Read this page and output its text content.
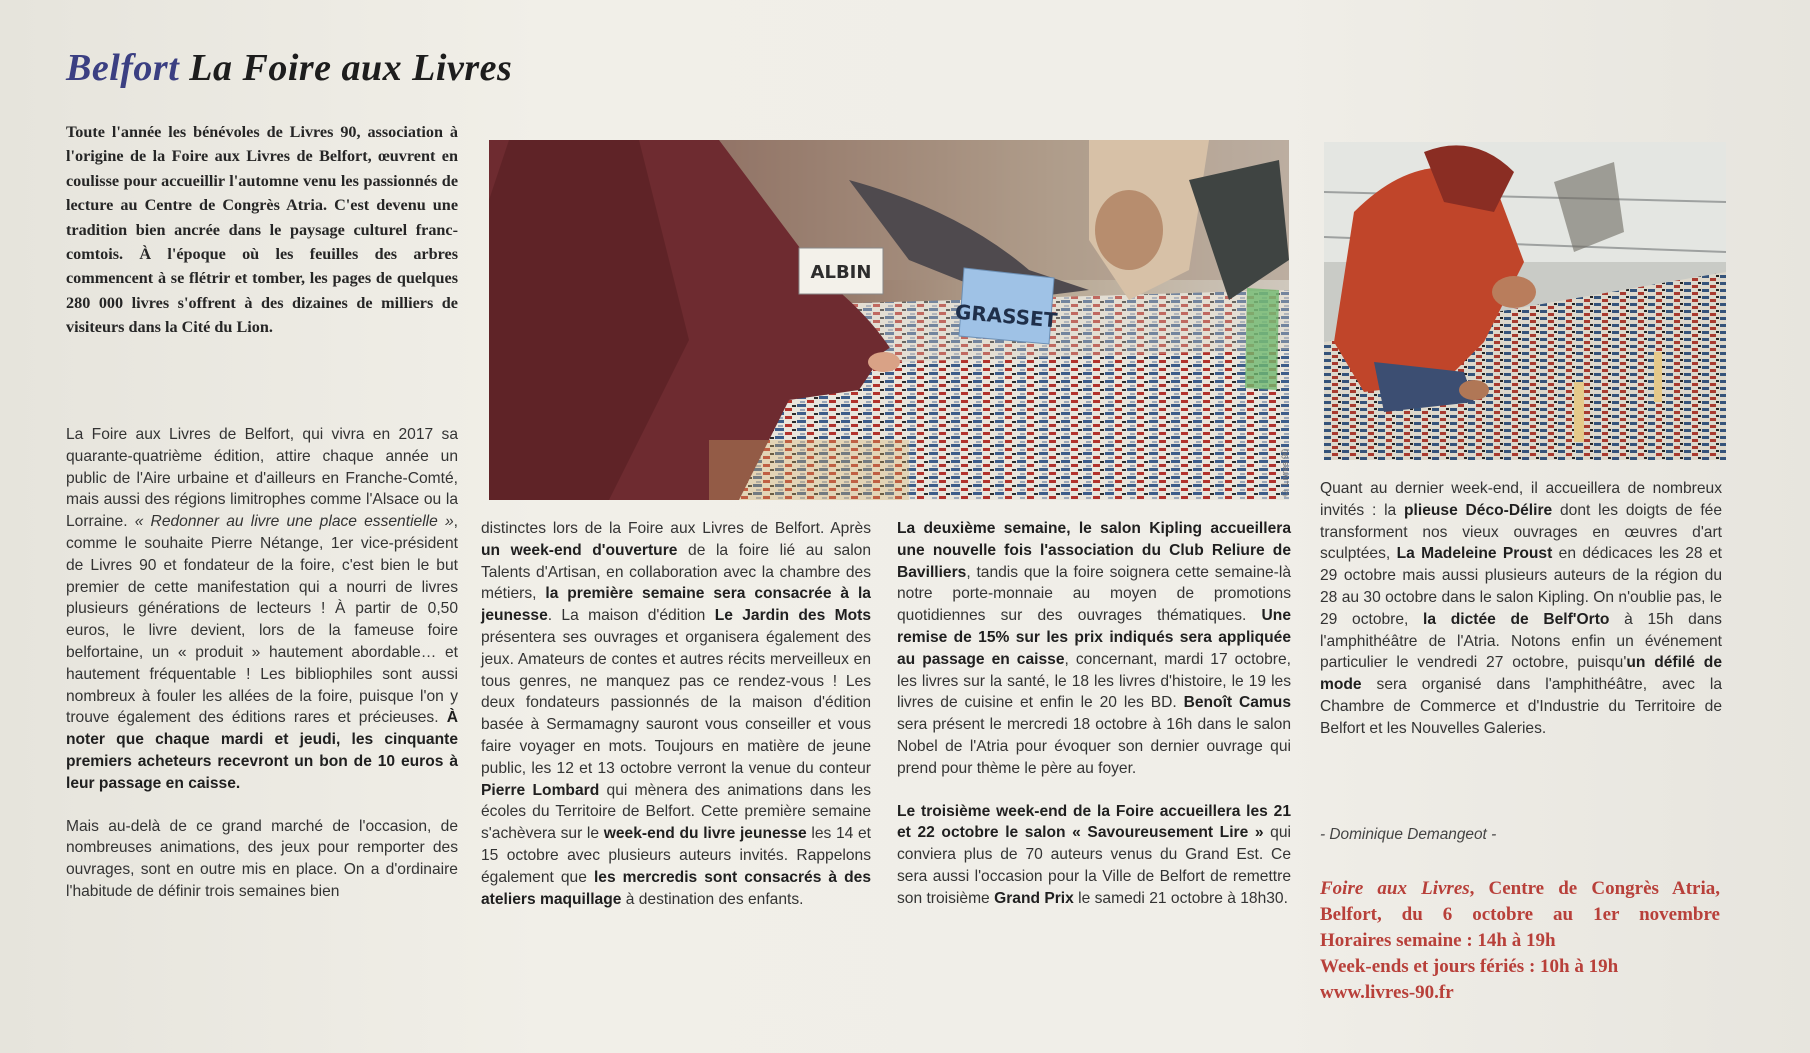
Belfort La Foire aux Livres

Toute l'année les bénévoles de Livres 90, association à l'origine de la Foire aux Livres de Belfort, œuvrent en coulisse pour accueillir l'automne venu les passionnés de lecture au Centre de Congrès Atria. C'est devenu une tradition bien ancrée dans le paysage culturel franc-comtois. À l'époque où les feuilles des arbres commencent à se flétrir et tomber, les pages de quelques 280 000 livres s'offrent à des dizaines de milliers de visiteurs dans la Cité du Lion.

La Foire aux Livres de Belfort, qui vivra en 2017 sa quarante-quatrième édition, attire chaque année un public de l'Aire urbaine et d'ailleurs en Franche-Comté, mais aussi des régions limitrophes comme l'Alsace ou la Lorraine. « Redonner au livre une place essentielle », comme le souhaite Pierre Nétange, 1er vice-président de Livres 90 et fondateur de la foire, c'est bien le but premier de cette manifestation qui a nourri de livres plusieurs générations de lecteurs ! À partir de 0,50 euros, le livre devient, lors de la fameuse foire belfortaine, un « produit » hautement abordable… et hautement fréquentable ! Les bibliophiles sont aussi nombreux à fouler les allées de la foire, puisque l'on y trouve également des éditions rares et précieuses. À noter que chaque mardi et jeudi, les cinquante premiers acheteurs recevront un bon de 10 euros à leur passage en caisse.

Mais au-delà de ce grand marché de l'occasion, de nombreuses animations, des jeux pour remporter des ouvrages, sont en outre mis en place. On a d'ordinaire l'habitude de définir trois semaines bien

ALBIN
GRASSET
© Livres 90

distinctes lors de la Foire aux Livres de Belfort. Après un week-end d'ouverture de la foire lié au salon Talents d'Artisan, en collaboration avec la chambre des métiers, la première semaine sera consacrée à la jeunesse. La maison d'édition Le Jardin des Mots présentera ses ouvrages et organisera également des jeux. Amateurs de contes et autres récits merveilleux en tous genres, ne manquez pas ce rendez-vous ! Les deux fondateurs passionnés de la maison d'édition basée à Sermamagny sauront vous conseiller et vous faire voyager en mots. Toujours en matière de jeune public, les 12 et 13 octobre verront la venue du conteur Pierre Lombard qui mènera des animations dans les écoles du Territoire de Belfort. Cette première semaine s'achèvera sur le week-end du livre jeunesse les 14 et 15 octobre avec plusieurs auteurs invités. Rappelons également que les mercredis sont consacrés à des ateliers maquillage à destination des enfants.

La deuxième semaine, le salon Kipling accueillera une nouvelle fois l'association du Club Reliure de Bavilliers, tandis que la foire soignera cette semaine-là notre porte-monnaie au moyen de promotions quotidiennes sur des ouvrages thématiques. Une remise de 15% sur les prix indiqués sera appliquée au passage en caisse, concernant, mardi 17 octobre, les livres sur la santé, le 18 les livres d'histoire, le 19 les livres de cuisine et enfin le 20 les BD. Benoît Camus sera présent le mercredi 18 octobre à 16h dans le salon Nobel de l'Atria pour évoquer son dernier ouvrage qui prend pour thème le père au foyer.

Le troisième week-end de la Foire accueillera les 21 et 22 octobre le salon « Savoureusement Lire » qui conviera plus de 70 auteurs venus du Grand Est. Ce sera aussi l'occasion pour la Ville de Belfort de remettre son troisième Grand Prix le samedi 21 octobre à 18h30.

Quant au dernier week-end, il accueillera de nombreux invités : la plieuse Déco-Délire dont les doigts de fée transforment nos vieux ouvrages en œuvres d'art sculptées, La Madeleine Proust en dédicaces les 28 et 29 octobre mais aussi plusieurs auteurs de la région du 28 au 30 octobre dans le salon Kipling. On n'oublie pas, le 29 octobre, la dictée de Belf'Orto à 15h dans l'amphithéâtre de l'Atria. Notons enfin un événement particulier le vendredi 27 octobre, puisqu'un défilé de mode sera organisé dans l'amphithéâtre, avec la Chambre de Commerce et d'Industrie du Territoire de Belfort et les Nouvelles Galeries.

- Dominique Demangeot -
Foire aux Livres, Centre de Congrès Atria,
Belfort, du 6 octobre au 1er novembre
Horaires semaine : 14h à 19h
Week-ends et jours fériés : 10h à 19h
www.livres-90.fr
